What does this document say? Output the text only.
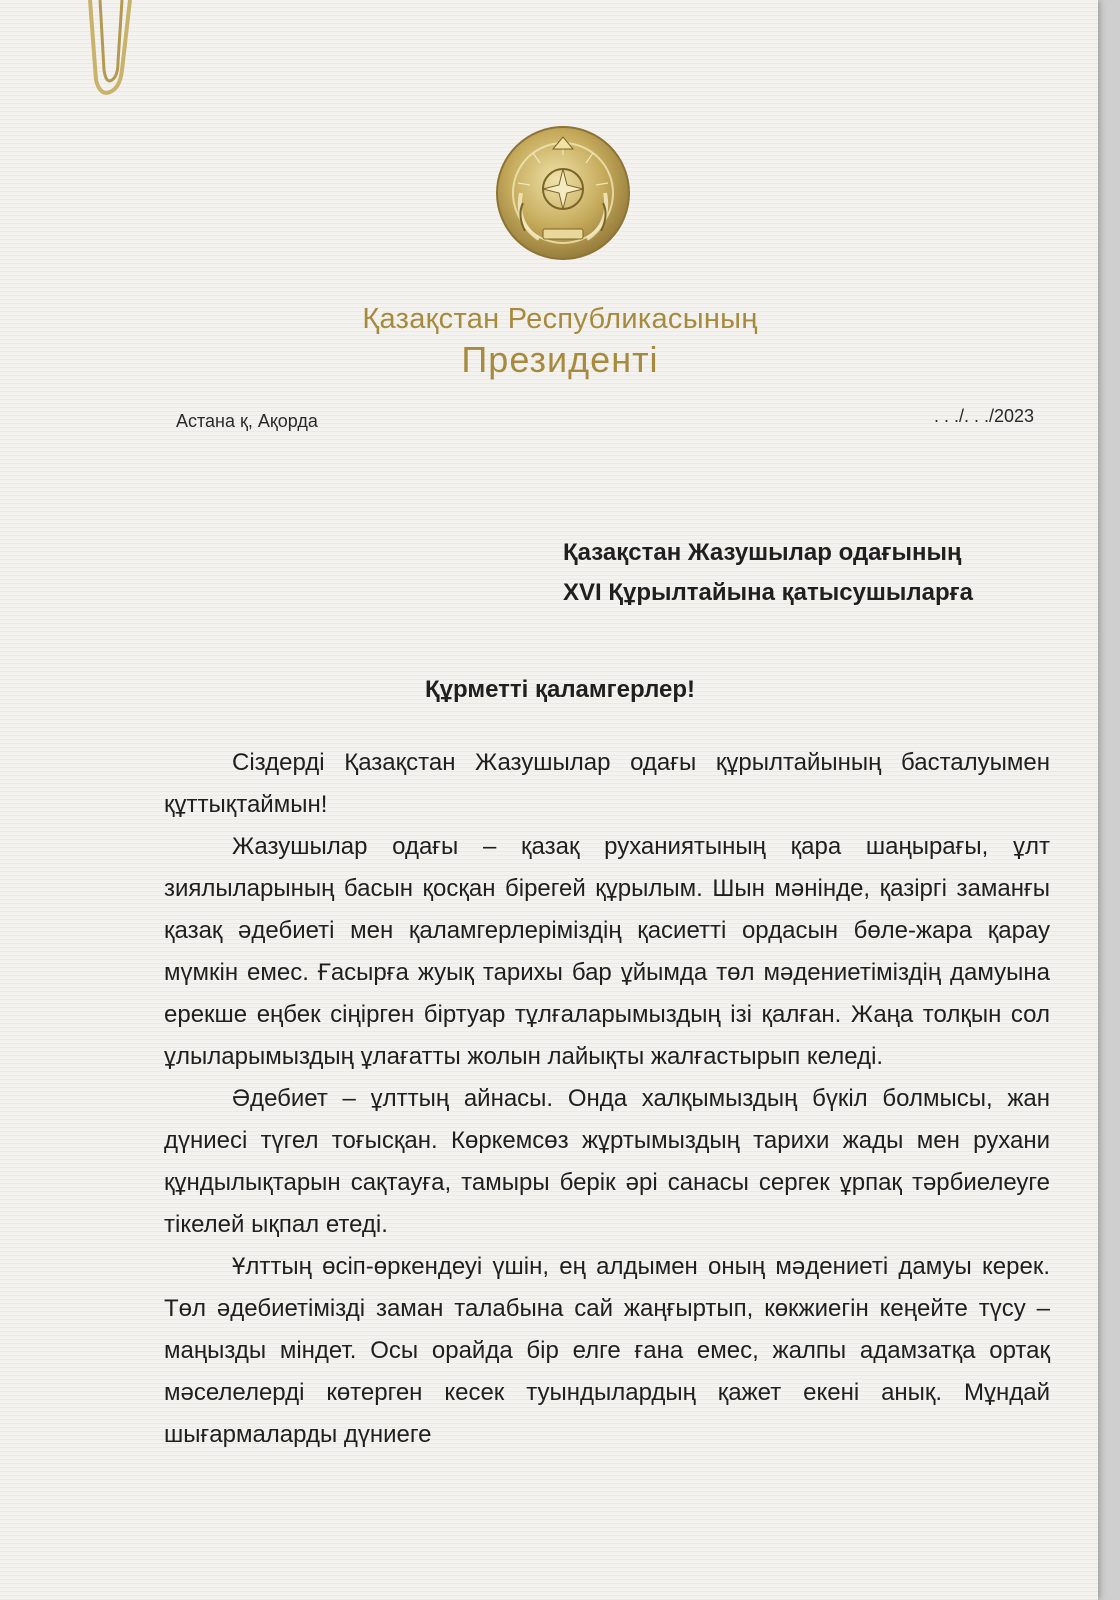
Қазақстан Республикасының
Президенті
Астана қ, Ақорда	. . ./. . ./2023
Қазақстан Жазушылар одағының
XVI Құрылтайына қатысушыларға
Құрметті қаламгерлер!

Сіздерді Қазақстан Жазушылар одағы құрылтайының басталуымен құттықтаймын!

Жазушылар одағы – қазақ руханиятының қара шаңырағы, ұлт зиялыларының басын қосқан бірегей құрылым. Шын мәнінде, қазіргі заманғы қазақ әдебиеті мен қаламгерлеріміздің қасиетті ордасын бөле-жара қарау мүмкін емес. Ғасырға жуық тарихы бар ұйымда төл мәдениетіміздің дамуына ерекше еңбек сіңірген біртуар тұлғаларымыздың ізі қалған. Жаңа толқын сол ұлыларымыздың ұлағатты жолын лайықты жалғастырып келеді.

Әдебиет – ұлттың айнасы. Онда халқымыздың бүкіл болмысы, жан дүниесі түгел тоғысқан. Көркемсөз жұртымыздың тарихи жады мен рухани құндылықтарын сақтауға, тамыры берік әрі санасы сергек ұрпақ тәрбиелеуге тікелей ықпал етеді.

Ұлттың өсіп-өркендеуі үшін, ең алдымен оның мәдениеті дамуы керек. Төл әдебиетімізді заман талабына сай жаңғыртып, көкжиегін кеңейте түсу – маңызды міндет. Осы орайда бір елге ғана емес, жалпы адамзатқа ортақ мәселелерді көтерген кесек туындылардың қажет екені анық. Мұндай шығармаларды дүниеге
